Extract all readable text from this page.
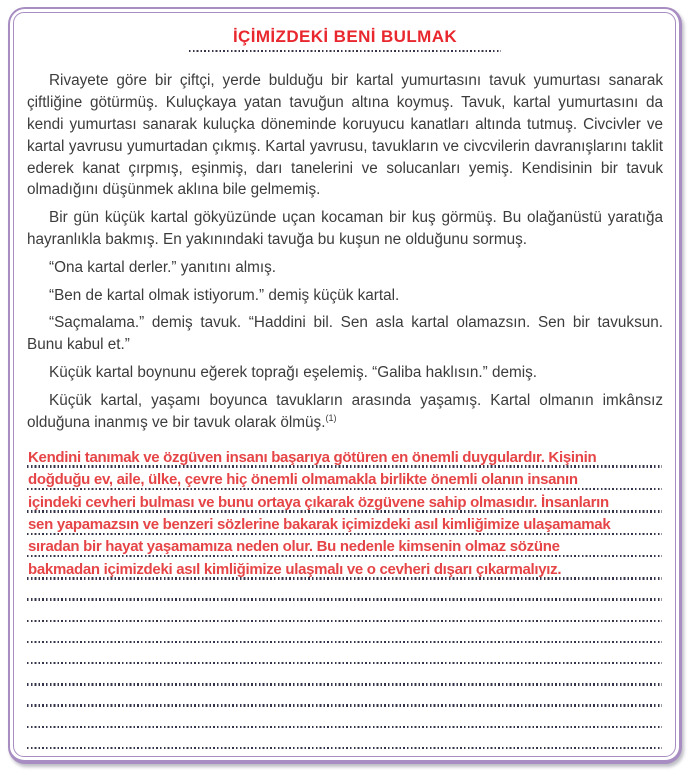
İÇİMİZDEKİ BENİ BULMAK

Rivayete göre bir çiftçi, yerde bulduğu bir kartal yumurtasını tavuk yumurtası sanarak çiftliğine götürmüş. Kuluçkaya yatan tavuğun altına koymuş. Tavuk, kartal yumurtasını da kendi yumurtası sanarak kuluçka döneminde koruyucu kanatları altında tutmuş. Civcivler ve kartal yavrusu yumurtadan çıkmış. Kartal yavrusu, tavukların ve civcvilerin davranışlarını taklit ederek kanat çırpmış, eşinmiş, darı tanelerini ve solucanları yemiş. Kendisinin bir tavuk olmadığını düşünmek aklına bile gelmemiş.

Bir gün küçük kartal gökyüzünde uçan kocaman bir kuş görmüş. Bu olağanüstü yaratığa hayranlıkla bakmış. En yakınındaki tavuğa bu kuşun ne olduğunu sormuş.

“Ona kartal derler.” yanıtını almış.

“Ben de kartal olmak istiyorum.” demiş küçük kartal.

“Saçmalama.” demiş tavuk. “Haddini bil. Sen asla kartal olamazsın. Sen bir tavuksun. Bunu kabul et.”

Küçük kartal boynunu eğerek toprağı eşelemiş. “Galiba haklısın.” demiş.

Küçük kartal, yaşamı boyunca tavukların arasında yaşamış. Kartal olmanın imkânsız olduğuna inanmış ve bir tavuk olarak ölmüş.$^{(1)}$

Kendini tanımak ve özgüven insanı başarıya götüren en önemli duygulardır. Kişinin
doğduğu ev, aile, ülke, çevre hiç önemli olmamakla birlikte önemli olanın insanın
içindeki cevheri bulması ve bunu ortaya çıkarak özgüvene sahip olmasıdır. İnsanların
sen yapamazsın ve benzeri sözlerine bakarak içimizdeki asıl kimliğimize ulaşamamak
sıradan bir hayat yaşamamıza neden olur. Bu nedenle kimsenin olmaz sözüne
bakmadan içimizdeki asıl kimliğimize ulaşmalı ve o cevheri dışarı çıkarmalıyız.
